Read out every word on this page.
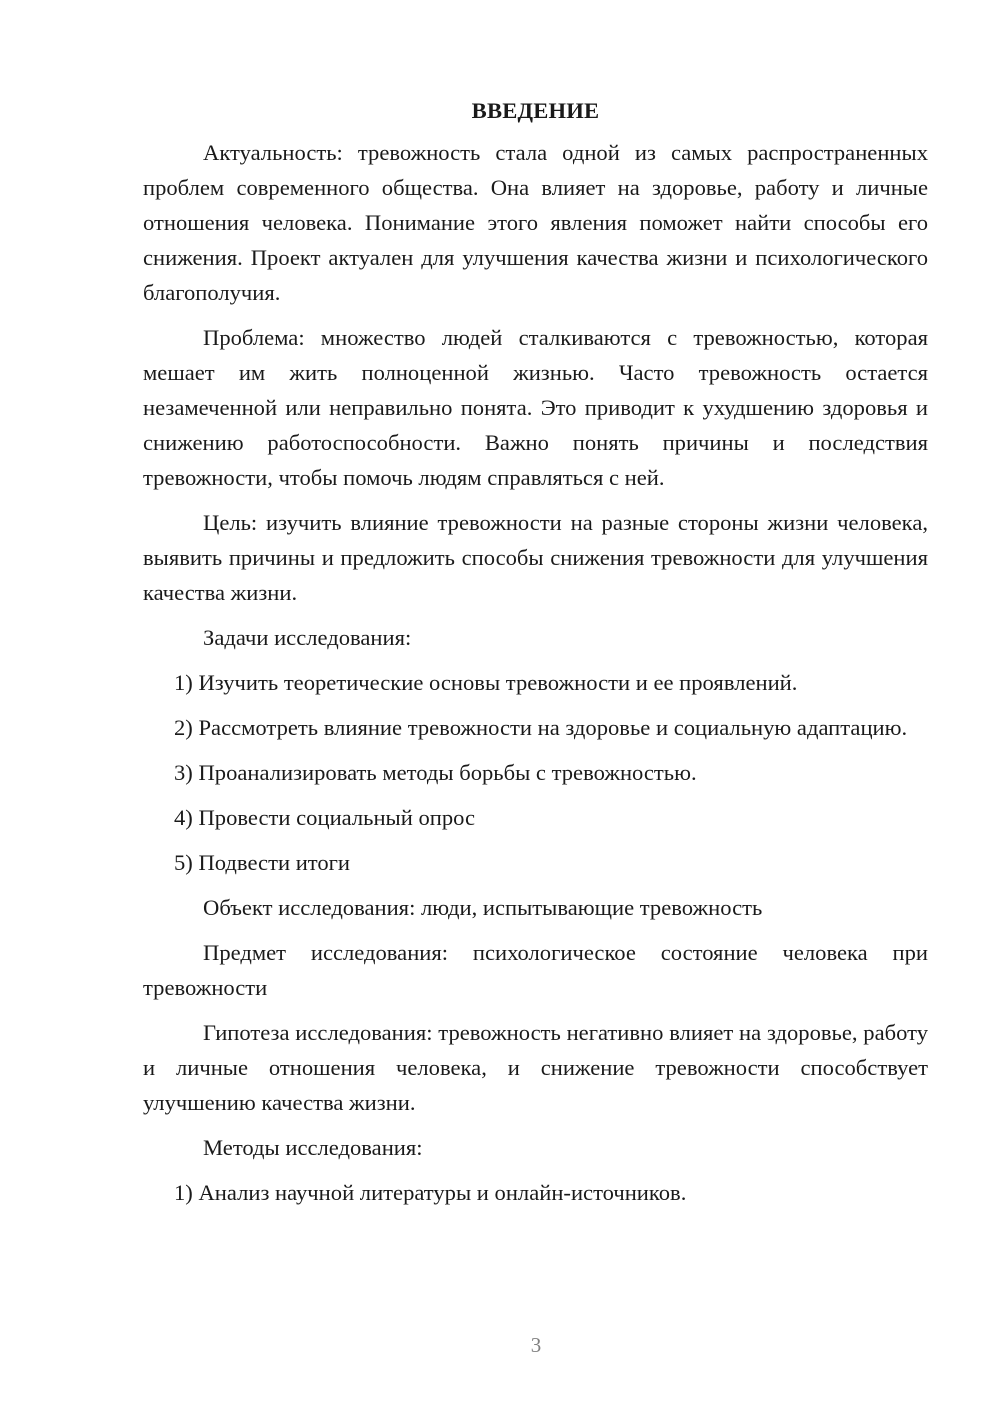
ВВЕДЕНИЕ

Актуальность: тревожность стала одной из самых распространенных проблем современного общества. Она влияет на здоровье, работу и личные отношения человека. Понимание этого явления поможет найти способы его снижения. Проект актуален для улучшения качества жизни и психологического благополучия.

Проблема: множество людей сталкиваются с тревожностью, которая мешает им жить полноценной жизнью. Часто тревожность остается незамеченной или неправильно понята. Это приводит к ухудшению здоровья и снижению работоспособности. Важно понять причины и последствия тревожности, чтобы помочь людям справляться с ней.

Цель: изучить влияние тревожности на разные стороны жизни человека, выявить причины и предложить способы снижения тревожности для улучшения качества жизни.

Задачи исследования:

1) Изучить теоретические основы тревожности и ее проявлений.

2) Рассмотреть влияние тревожности на здоровье и социальную адаптацию.

3) Проанализировать методы борьбы с тревожностью.

4) Провести социальный опрос

5) Подвести итоги

Объект исследования: люди, испытывающие тревожность

Предмет исследования: психологическое состояние человека при тревожности

Гипотеза исследования: тревожность негативно влияет на здоровье, работу и личные отношения человека, и снижение тревожности способствует улучшению качества жизни.

Методы исследования:

1) Анализ научной литературы и онлайн-источников.

3
